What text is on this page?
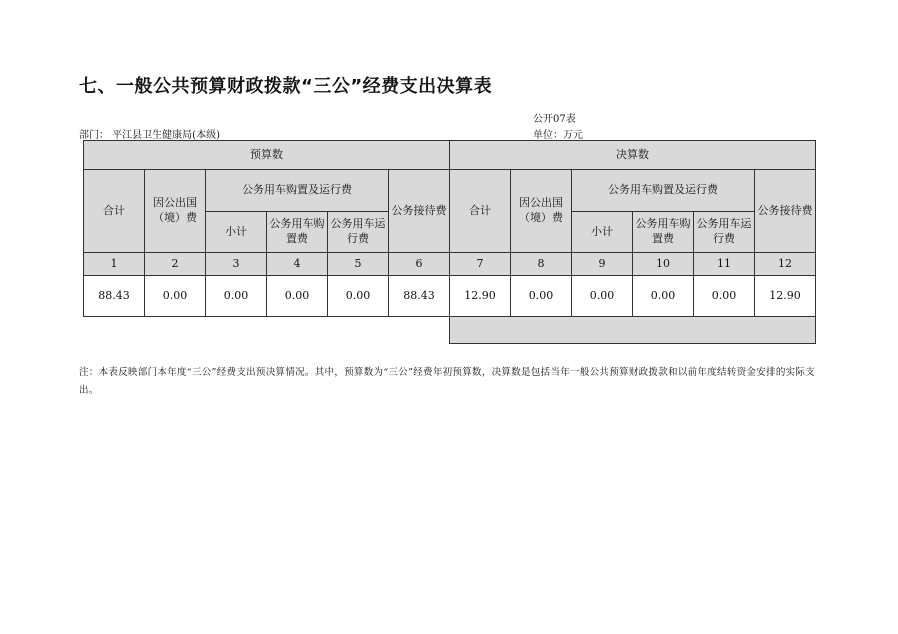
七、一般公共预算财政拨款“三公”经费支出决算表
公开07表
部门： 平江县卫生健康局(本级)	单位：万元
预算数						决算数					
合计	因公出国（境）费	公务用车购置及运行费			公务接待费	合计	因公出国（境）费	公务用车购置及运行费			公务接待费
		小计	公务用车购置费	公务用车运行费				小计	公务用车购置费	公务用车运行费	
1	2	3	4	5	6	7	8	9	10	11	12
88.43	0.00	0.00	0.00	0.00	88.43	12.90	0.00	0.00	0.00	0.00	12.90

注：本表反映部门本年度“三公”经费支出预决算情况。其中，预算数为“三公”经费年初预算数，决算数是包括当年一般公共预算财政拨款和以前年度结转资金安排的实际支出。
